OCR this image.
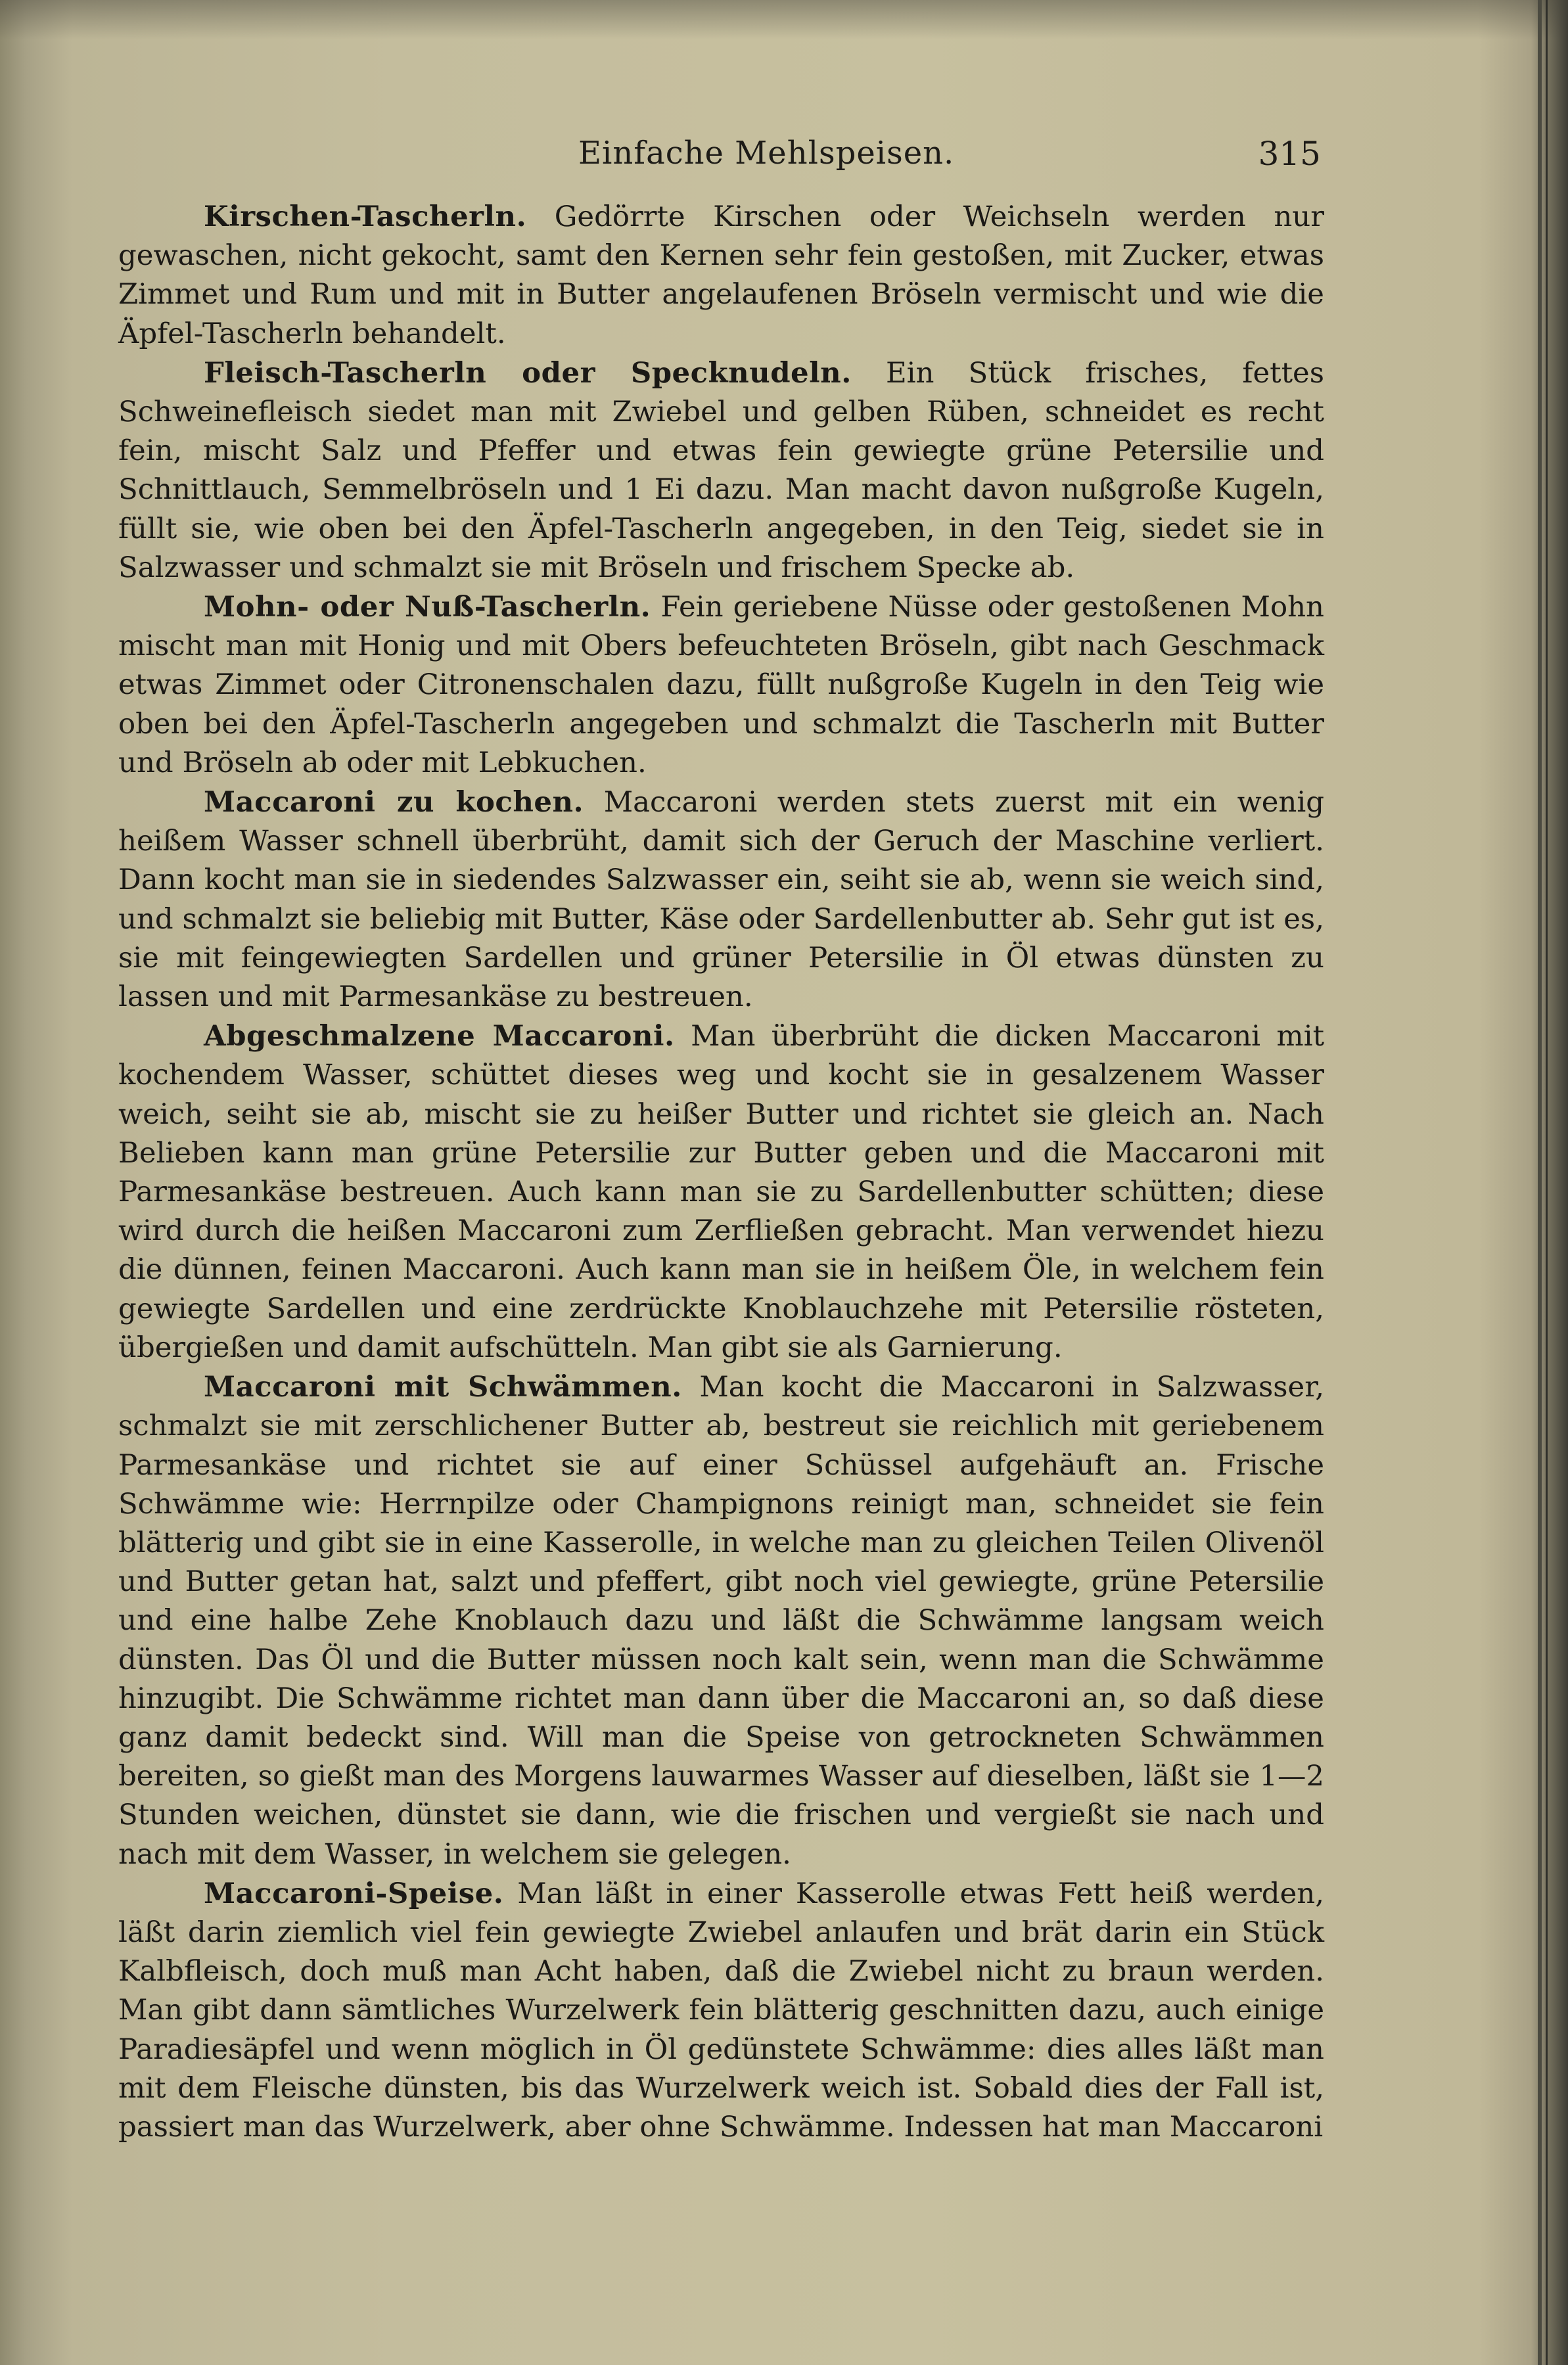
Einfache Mehlspeisen.	315

Kirschen-Tascherln. Gedörrte Kirschen oder Weichseln werden nur gewaschen, nicht gekocht, samt den Kernen sehr fein gestoßen, mit Zucker, etwas Zimmet und Rum und mit in Butter angelaufenen Bröseln vermischt und wie die Äpfel-Tascherln behandelt.

Fleisch-Tascherln oder Specknudeln. Ein Stück frisches, fettes Schweinefleisch siedet man mit Zwiebel und gelben Rüben, schneidet es recht fein, mischt Salz und Pfeffer und etwas fein gewiegte grüne Petersilie und Schnittlauch, Semmelbröseln und 1 Ei dazu. Man macht davon nußgroße Kugeln, füllt sie, wie oben bei den Äpfel-Tascherln angegeben, in den Teig, siedet sie in Salzwasser und schmalzt sie mit Bröseln und frischem Specke ab.

Mohn- oder Nuß-Tascherln. Fein geriebene Nüsse oder gestoßenen Mohn mischt man mit Honig und mit Obers befeuchteten Bröseln, gibt nach Geschmack etwas Zimmet oder Citronenschalen dazu, füllt nußgroße Kugeln in den Teig wie oben bei den Äpfel-Tascherln angegeben und schmalzt die Tascherln mit Butter und Bröseln ab oder mit Lebkuchen.

Maccaroni zu kochen. Maccaroni werden stets zuerst mit ein wenig heißem Wasser schnell überbrüht, damit sich der Geruch der Maschine verliert. Dann kocht man sie in siedendes Salzwasser ein, seiht sie ab, wenn sie weich sind, und schmalzt sie beliebig mit Butter, Käse oder Sardellenbutter ab. Sehr gut ist es, sie mit feingewiegten Sardellen und grüner Petersilie in Öl etwas dünsten zu lassen und mit Parmesankäse zu bestreuen.

Abgeschmalzene Maccaroni. Man überbrüht die dicken Maccaroni mit kochendem Wasser, schüttet dieses weg und kocht sie in gesalzenem Wasser weich, seiht sie ab, mischt sie zu heißer Butter und richtet sie gleich an. Nach Belieben kann man grüne Petersilie zur Butter geben und die Maccaroni mit Parmesankäse bestreuen. Auch kann man sie zu Sardellenbutter schütten; diese wird durch die heißen Maccaroni zum Zerfließen gebracht. Man verwendet hiezu die dünnen, feinen Maccaroni. Auch kann man sie in heißem Öle, in welchem fein gewiegte Sardellen und eine zerdrückte Knoblauchzehe mit Petersilie rösteten, übergießen und damit aufschütteln. Man gibt sie als Garnierung.

Maccaroni mit Schwämmen. Man kocht die Maccaroni in Salzwasser, schmalzt sie mit zerschlichener Butter ab, bestreut sie reichlich mit geriebenem Parmesankäse und richtet sie auf einer Schüssel aufgehäuft an. Frische Schwämme wie: Herrnpilze oder Champignons reinigt man, schneidet sie fein blätterig und gibt sie in eine Kasserolle, in welche man zu gleichen Teilen Olivenöl und Butter getan hat, salzt und pfeffert, gibt noch viel gewiegte, grüne Petersilie und eine halbe Zehe Knoblauch dazu und läßt die Schwämme langsam weich dünsten. Das Öl und die Butter müssen noch kalt sein, wenn man die Schwämme hinzugibt. Die Schwämme richtet man dann über die Maccaroni an, so daß diese ganz damit bedeckt sind. Will man die Speise von getrockneten Schwämmen bereiten, so gießt man des Morgens lauwarmes Wasser auf dieselben, läßt sie 1—2 Stunden weichen, dünstet sie dann, wie die frischen und vergießt sie nach und nach mit dem Wasser, in welchem sie gelegen.

Maccaroni-Speise. Man läßt in einer Kasserolle etwas Fett heiß werden, läßt darin ziemlich viel fein gewiegte Zwiebel anlaufen und brät darin ein Stück Kalbfleisch, doch muß man Acht haben, daß die Zwiebel nicht zu braun werden. Man gibt dann sämtliches Wurzelwerk fein blätterig geschnitten dazu, auch einige Paradiesäpfel und wenn möglich in Öl gedünstete Schwämme: dies alles läßt man mit dem Fleische dünsten, bis das Wurzelwerk weich ist. Sobald dies der Fall ist, passiert man das Wurzelwerk, aber ohne Schwämme. Indessen hat man Maccaroni
